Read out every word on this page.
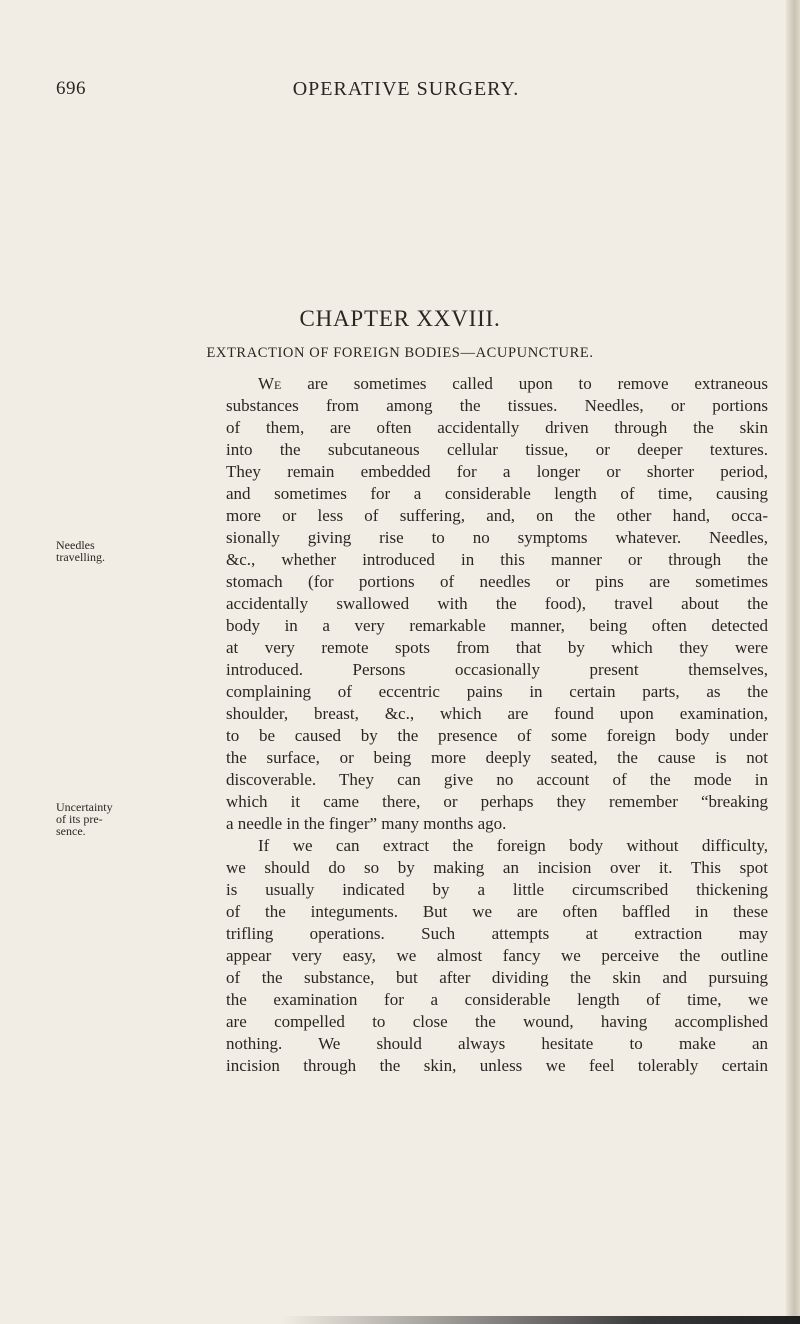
696	OPERATIVE SURGERY.
CHAPTER XXVIII.
EXTRACTION OF FOREIGN BODIES—ACUPUNCTURE.
Needles
travelling.
Uncertainty
of its pre-
sence.
We are sometimes called upon to remove extraneous
substances from among the tissues. Needles, or portions
of them, are often accidentally driven through the skin
into the subcutaneous cellular tissue, or deeper textures.
They remain embedded for a longer or shorter period,
and sometimes for a considerable length of time, causing
more or less of suffering, and, on the other hand, occa-
sionally giving rise to no symptoms whatever. Needles,
&c., whether introduced in this manner or through the
stomach (for portions of needles or pins are sometimes
accidentally swallowed with the food), travel about the
body in a very remarkable manner, being often detected
at very remote spots from that by which they were
introduced. Persons occasionally present themselves,
complaining of eccentric pains in certain parts, as the
shoulder, breast, &c., which are found upon examination,
to be caused by the presence of some foreign body under
the surface, or being more deeply seated, the cause is not
discoverable. They can give no account of the mode in
which it came there, or perhaps they remember “breaking
a needle in the finger” many months ago.
If we can extract the foreign body without difficulty,
we should do so by making an incision over it. This spot
is usually indicated by a little circumscribed thickening
of the integuments. But we are often baffled in these
trifling operations. Such attempts at extraction may
appear very easy, we almost fancy we perceive the outline
of the substance, but after dividing the skin and pursuing
the examination for a considerable length of time, we
are compelled to close the wound, having accomplished
nothing. We should always hesitate to make an
incision through the skin, unless we feel tolerably certain
